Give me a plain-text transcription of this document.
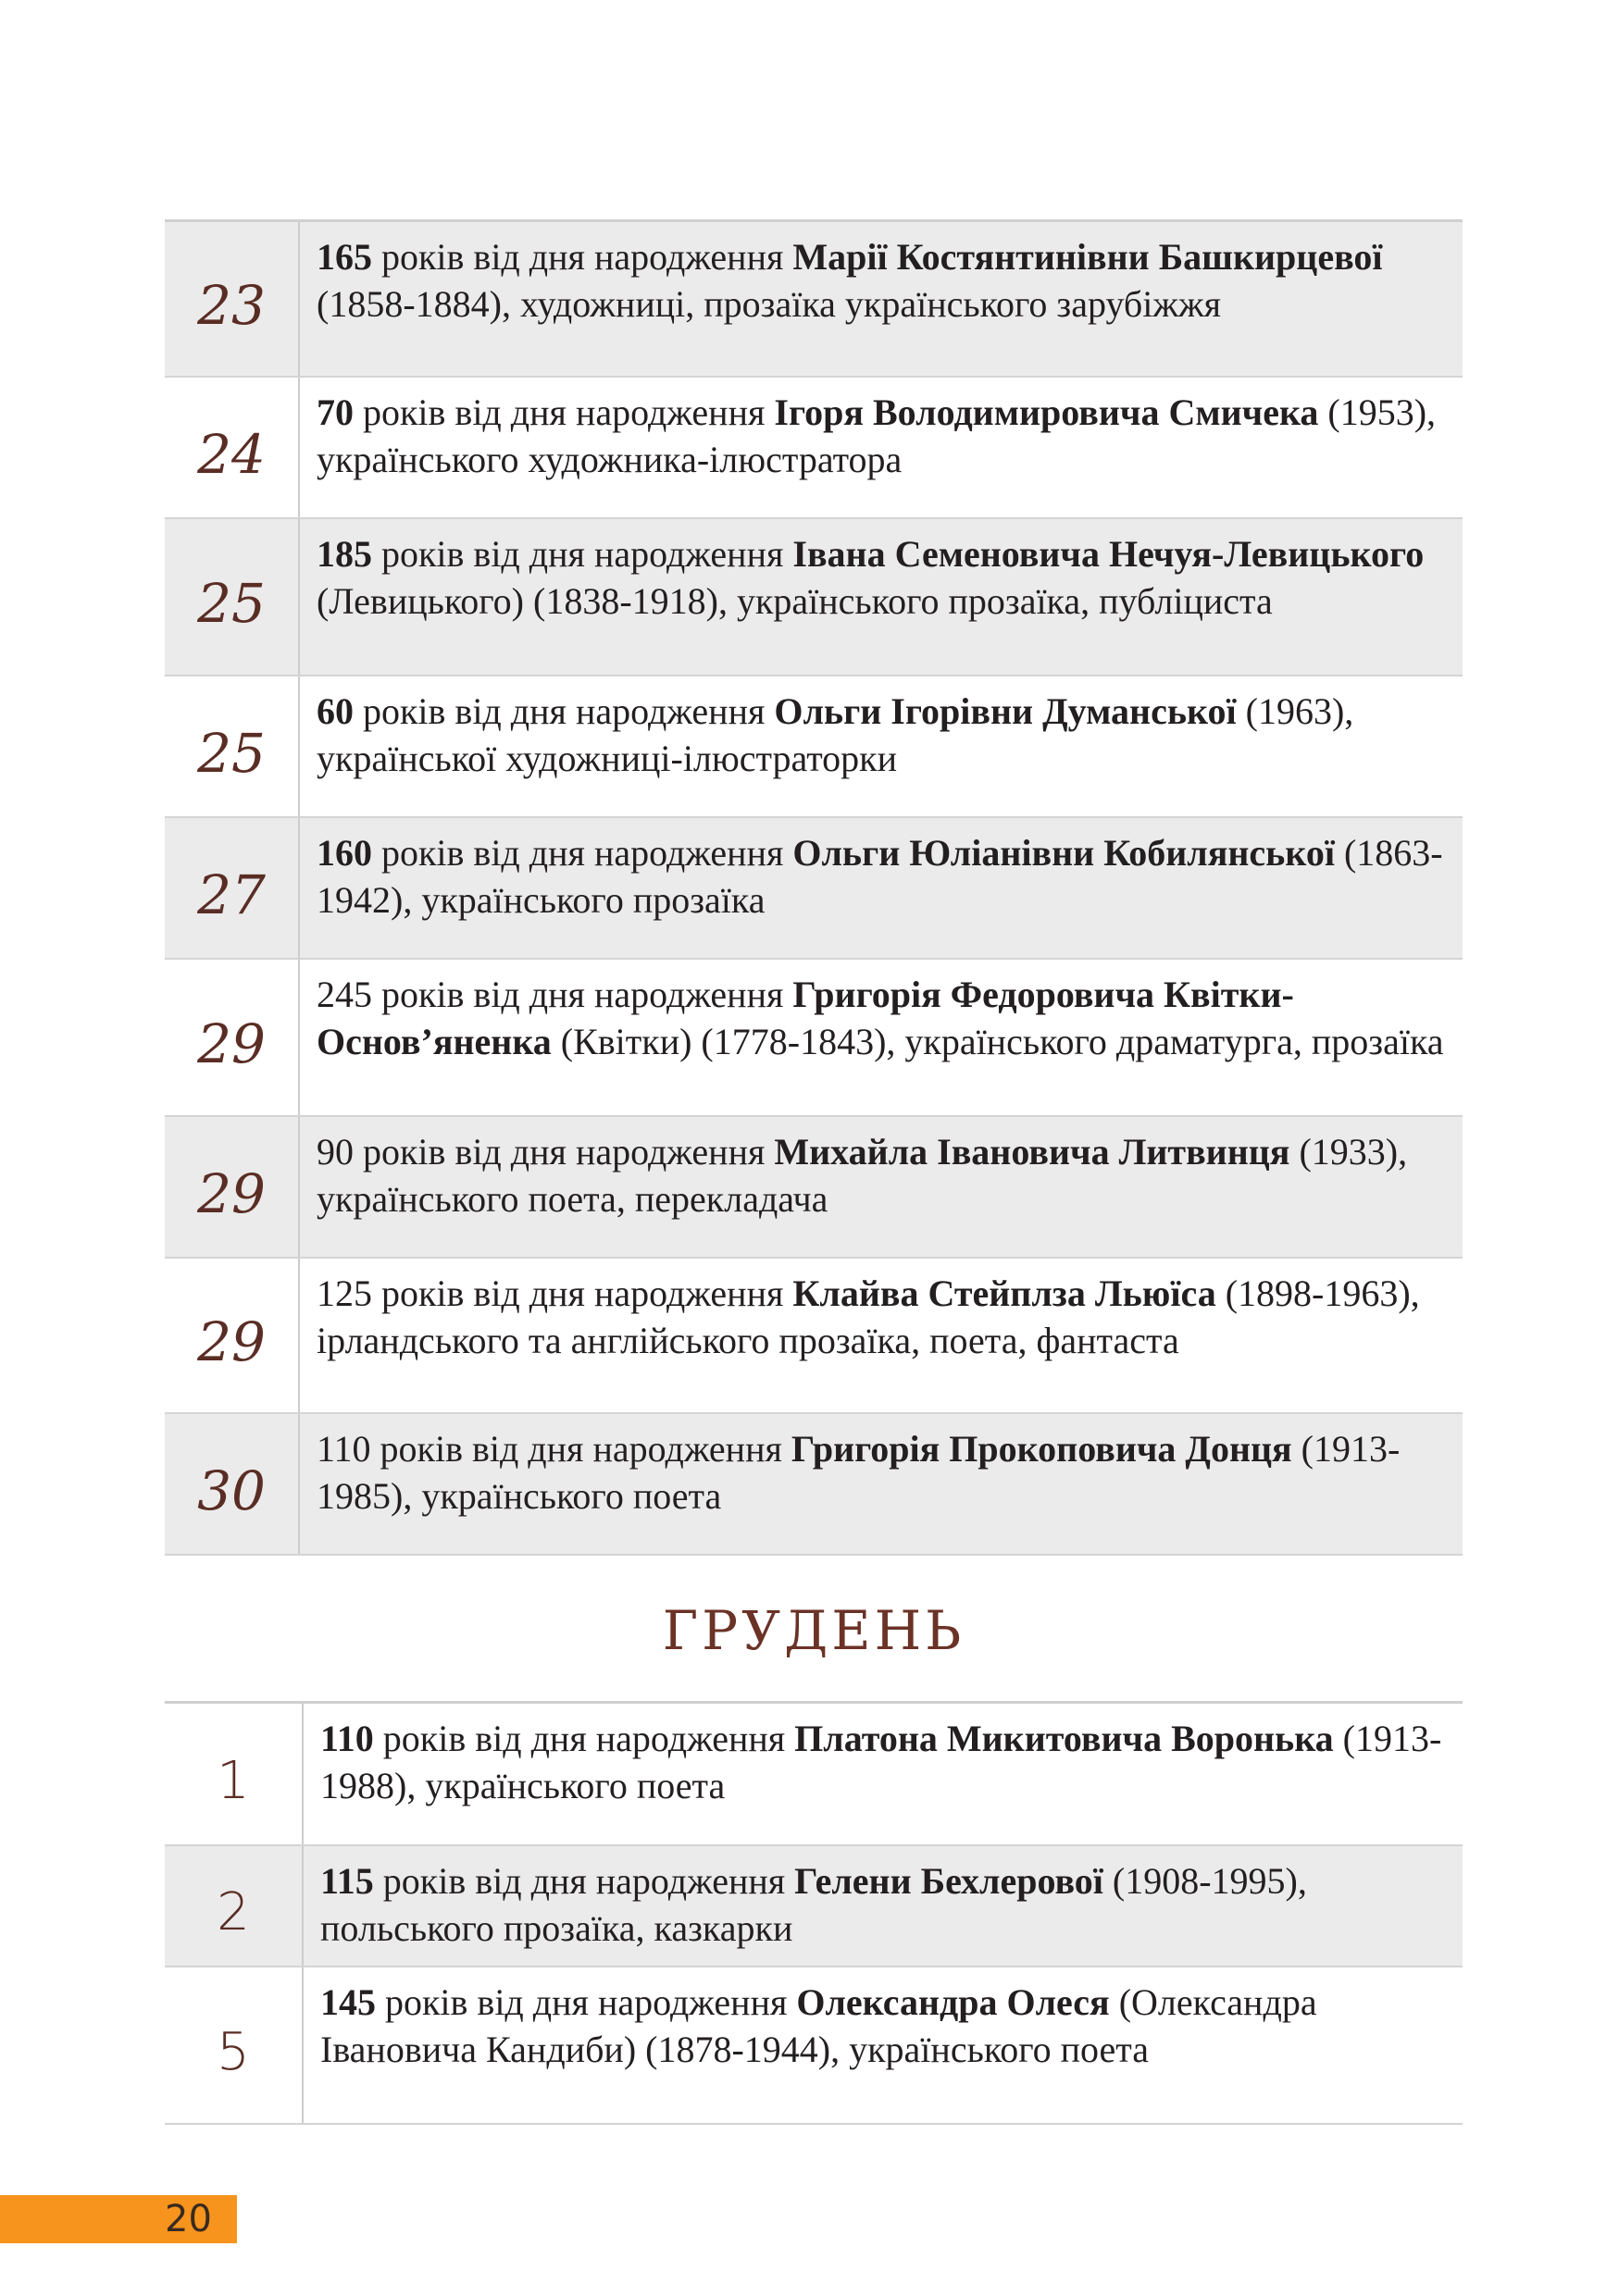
23
165 років від дня народження Марії Костянтинівни Башкирцевої (1858-1884), художниці, прозаїка українського зарубіжжя
24
70 років від дня народження Ігоря Володимировича Смичека (1953), українського художника-ілюстратора
25
185 років від дня народження Івана Семеновича Нечуя-Левицького (Левицького) (1838-1918), українського прозаїка, публіциста
25
60 років від дня народження Ольги Ігорівни Думанської (1963), української художниці-ілюстраторки
27
160 років від дня народження Ольги Юліанівни Кобилянської (1863-1942), українського прозаїка
29
245 років від дня народження Григорія Федоровича Квітки-Основ’яненка (Квітки) (1778-1843), українського драматурга, прозаїка
29
90 років від дня народження Михайла Івановича Литвинця (1933), українського поета, перекладача
29
125 років від дня народження Клайва Стейплза Льюїса (1898-1963), ірландського та англійського прозаїка, поета, фантаста
30
110 років від дня народження Григорія Прокоповича Донця (1913-1985), українського поета
ГРУДЕНЬ
1
110 років від дня народження Платона Микитовича Воронька (1913-1988), українського поета
2
115 років від дня народження Гелени Бехлерової (1908-1995), польського прозаїка, казкарки
5
145 років від дня народження Олександра Олеся (Олександра Івановича Кандиби) (1878-1944), українського поета
20
